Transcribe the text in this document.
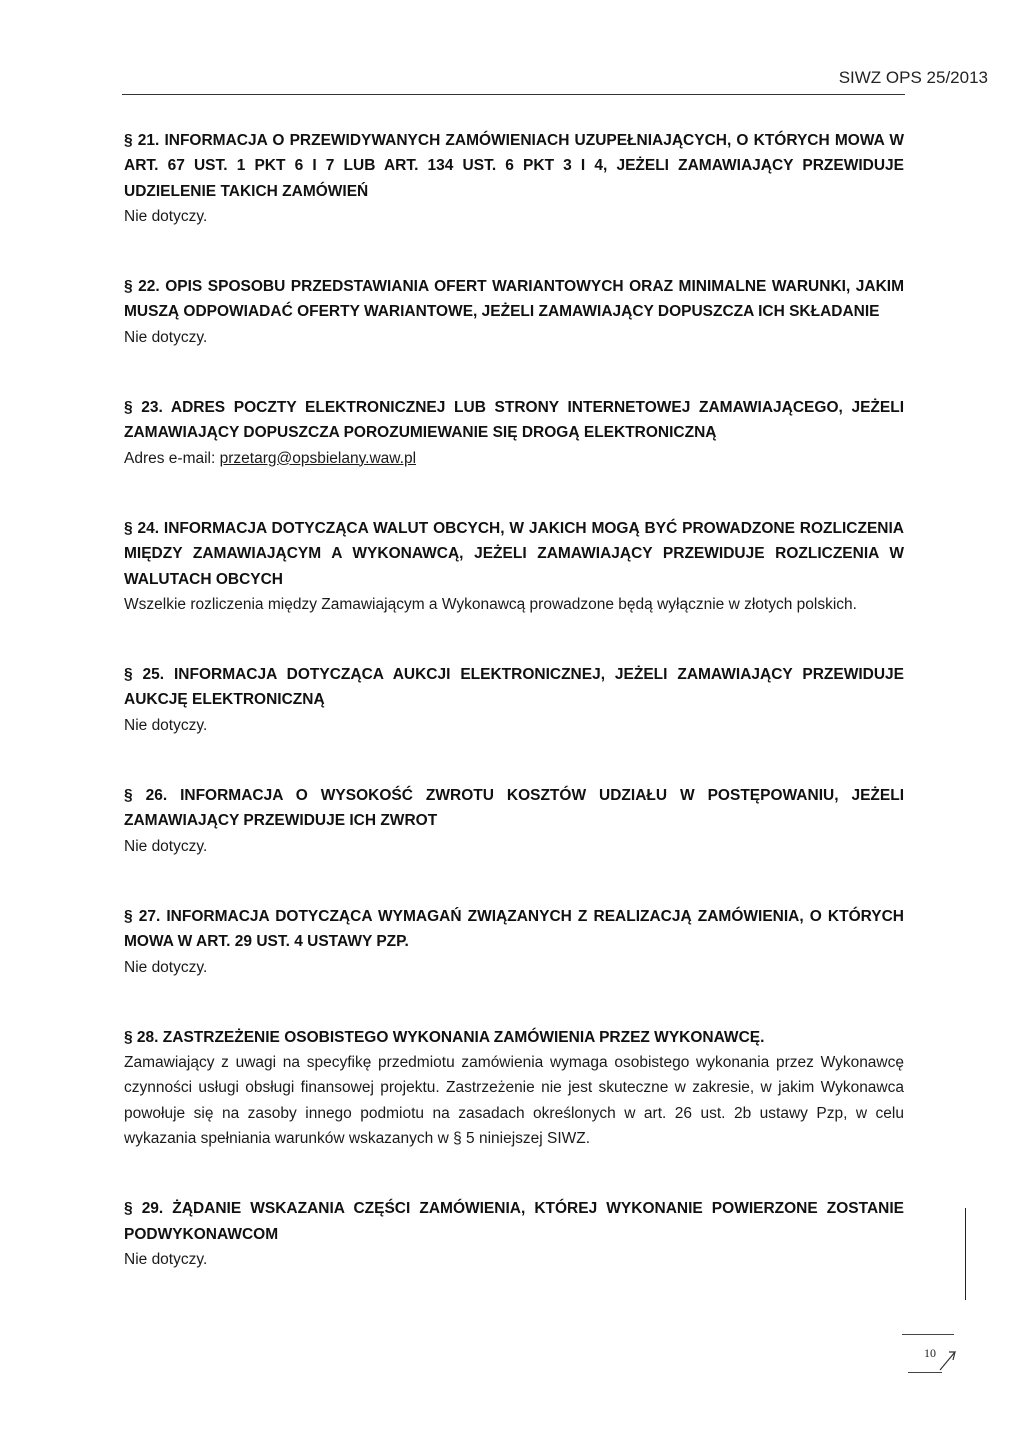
SIWZ OPS 25/2013

§ 21. INFORMACJA O PRZEWIDYWANYCH ZAMÓWIENIACH UZUPEŁNIAJĄCYCH, O KTÓRYCH MOWA W ART. 67 UST. 1 PKT 6 I 7 LUB ART. 134 UST. 6 PKT 3 I 4, JEŻELI ZAMAWIAJĄCY PRZEWIDUJE UDZIELENIE TAKICH ZAMÓWIEŃ

Nie dotyczy.

§ 22. OPIS SPOSOBU PRZEDSTAWIANIA OFERT WARIANTOWYCH ORAZ MINIMALNE WARUNKI, JAKIM MUSZĄ ODPOWIADAĆ OFERTY WARIANTOWE, JEŻELI ZAMAWIAJĄCY DOPUSZCZA ICH SKŁADANIE

Nie dotyczy.

§ 23. ADRES POCZTY ELEKTRONICZNEJ LUB STRONY INTERNETOWEJ ZAMAWIAJĄCEGO, JEŻELI ZAMAWIAJĄCY DOPUSZCZA POROZUMIEWANIE SIĘ DROGĄ ELEKTRONICZNĄ

Adres e-mail: przetarg@opsbielany.waw.pl

§ 24. INFORMACJA DOTYCZĄCA WALUT OBCYCH, W JAKICH MOGĄ BYĆ PROWADZONE ROZLICZENIA MIĘDZY ZAMAWIAJĄCYM A WYKONAWCĄ, JEŻELI ZAMAWIAJĄCY PRZEWIDUJE ROZLICZENIA W WALUTACH OBCYCH

Wszelkie rozliczenia między Zamawiającym a Wykonawcą prowadzone będą wyłącznie w złotych polskich.

§ 25. INFORMACJA DOTYCZĄCA AUKCJI ELEKTRONICZNEJ, JEŻELI ZAMAWIAJĄCY PRZEWIDUJE AUKCJĘ ELEKTRONICZNĄ

Nie dotyczy.

§ 26. INFORMACJA O WYSOKOŚĆ ZWROTU KOSZTÓW UDZIAŁU W POSTĘPOWANIU, JEŻELI ZAMAWIAJĄCY PRZEWIDUJE ICH ZWROT

Nie dotyczy.

§ 27. INFORMACJA DOTYCZĄCA WYMAGAŃ ZWIĄZANYCH Z REALIZACJĄ ZAMÓWIENIA, O KTÓRYCH MOWA W ART. 29 UST. 4 USTAWY PZP.

Nie dotyczy.

§ 28. ZASTRZEŻENIE OSOBISTEGO WYKONANIA ZAMÓWIENIA PRZEZ WYKONAWCĘ.

Zamawiający z uwagi na specyfikę przedmiotu zamówienia wymaga osobistego wykonania przez Wykonawcę czynności usługi obsługi finansowej projektu. Zastrzeżenie nie jest skuteczne w zakresie, w jakim Wykonawca powołuje się na zasoby innego podmiotu na zasadach określonych w art. 26 ust. 2b ustawy Pzp, w celu wykazania spełniania warunków wskazanych w § 5 niniejszej SIWZ.

§ 29. ŻĄDANIE WSKAZANIA CZĘŚCI ZAMÓWIENIA, KTÓREJ WYKONANIE POWIERZONE ZOSTANIE PODWYKONAWCOM

Nie dotyczy.

10
